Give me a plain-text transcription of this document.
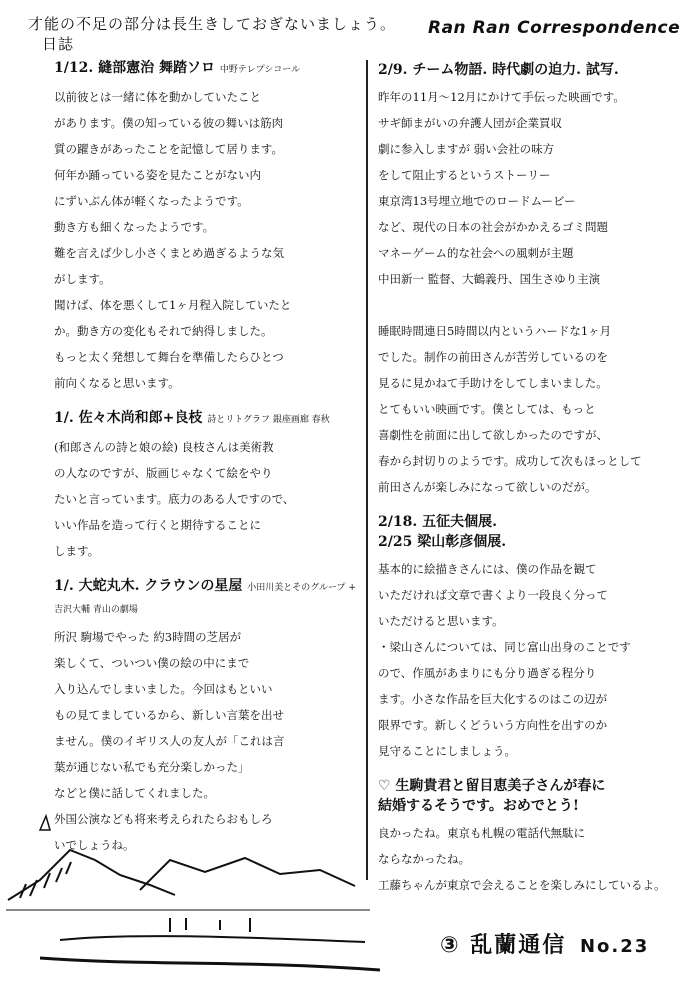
才能の不足の部分は長生きしておぎないましょう。
日誌
Ran Ran Correspondence
1/12. 縫部憲治 舞踏ソロ 中野テレプシコール
以前彼とは一緒に体を動かしていたこと
があります。僕の知っている彼の舞いは筋肉
質の躍きがあったことを記憶して居ります。
何年か踊っている姿を見たことがない内
にずいぶん体が軽くなったようです。
動き方も細くなったようです。
難を言えば少し小さくまとめ過ぎるような気
がします。
聞けば、体を悪くして1ヶ月程入院していたと
か。動き方の変化もそれで納得しました。
もっと太く発想して舞台を準備したらひとつ
前向くなると思います。
1/. 佐々木尚和郎+良枝 詩とリトグラフ 銀座画廊 春秋
(和郎さんの詩と娘の絵) 良枝さんは美術教
の人なのですが、版画じゃなくて絵をやり
たいと言っています。底力のある人ですので、
いい作品を造って行くと期待することに
します。
1/. 大蛇丸木. クラウンの星屋 小田川美とそのグループ + 吉沢大輔 青山の劇場
所沢 駒場でやった 約3時間の芝居が
楽しくて、ついつい僕の絵の中にまで
入り込んでしまいました。今回はもといい
もの見てましているから、新しい言葉を出せ
ません。僕のイギリス人の友人が「これは言
葉が通じない私でも充分楽しかった」
などと僕に話してくれました。
外国公演なども将来考えられたらおもしろ
いでしょうね。
2/9. チーム物語. 時代劇の迫力. 試写.
昨年の11月～12月にかけて手伝った映画です。
サギ師まがいの弁護人団が企業買収
劇に参入しますが 弱い会社の味方
をして阻止するというストーリー
東京湾13号埋立地でのロードムービー
など、現代の日本の社会がかかえるゴミ問題
マネーゲーム的な社会への風刺が主題
中田新一 監督、大鶴義丹、国生さゆり主演

睡眠時間連日5時間以内というハードな1ヶ月
でした。制作の前田さんが苦労しているのを
見るに見かねて手助けをしてしまいました。
とてもいい映画です。僕としては、もっと
喜劇性を前面に出して欲しかったのですが、
春から封切りのようです。成功して次もほっとして
前田さんが楽しみになって欲しいのだが。
2/18. 五征夫個展.
2/25 梁山彰彦個展.
基本的に絵描きさんには、僕の作品を観て
いただければ文章で書くより一段良く分って
いただけると思います。
・梁山さんについては、同じ富山出身のことです
ので、作風があまりにも分り過ぎる程分り
ます。小さな作品を巨大化するのはこの辺が
限界です。新しくどういう方向性を出すのか
見守ることにしましょう。
♡ 生駒貴君と留目恵美子さんが春に
結婚するそうです。おめでとう!
良かったね。東京も札幌の電話代無駄に
ならなかったね。
工藤ちゃんが東京で会えることを楽しみにしているよ。
③ 乱蘭通信 No.23
